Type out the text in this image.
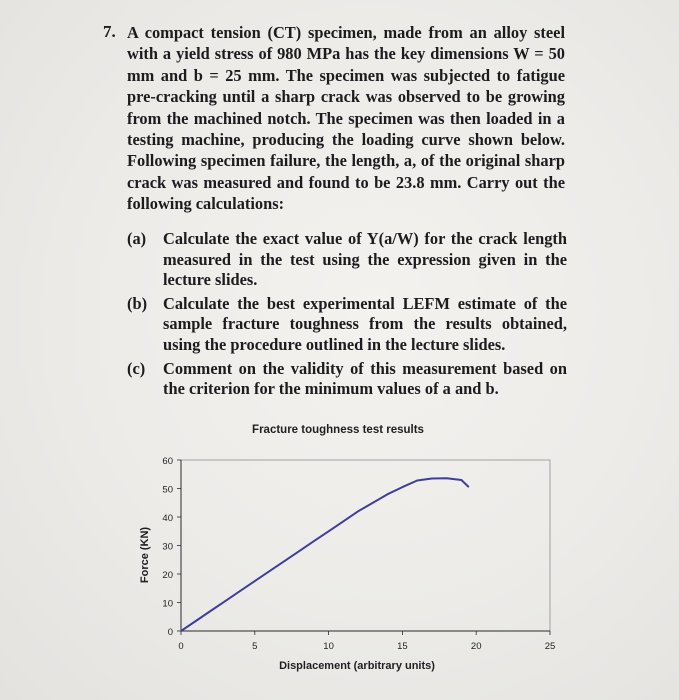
7. A compact tension (CT) specimen, made from an alloy steel with a yield stress of 980 MPa has the key dimensions W = 50 mm and b = 25 mm. The specimen was subjected to fatigue pre-cracking until a sharp crack was observed to be growing from the machined notch. The specimen was then loaded in a testing machine, producing the loading curve shown below. Following specimen failure, the length, a, of the original sharp crack was measured and found to be 23.8 mm. Carry out the following calculations:
(a) Calculate the exact value of Y(a/W) for the crack length measured in the test using the expression given in the lecture slides.
(b) Calculate the best experimental LEFM estimate of the sample fracture toughness from the results obtained, using the procedure outlined in the lecture slides.
(c) Comment on the validity of this measurement based on the criterion for the minimum values of a and b.
Fracture toughness test results
0
10
20
30
40
50
60
0	5	10	15	20	25
Force (KN)
Displacement (arbitrary units)
